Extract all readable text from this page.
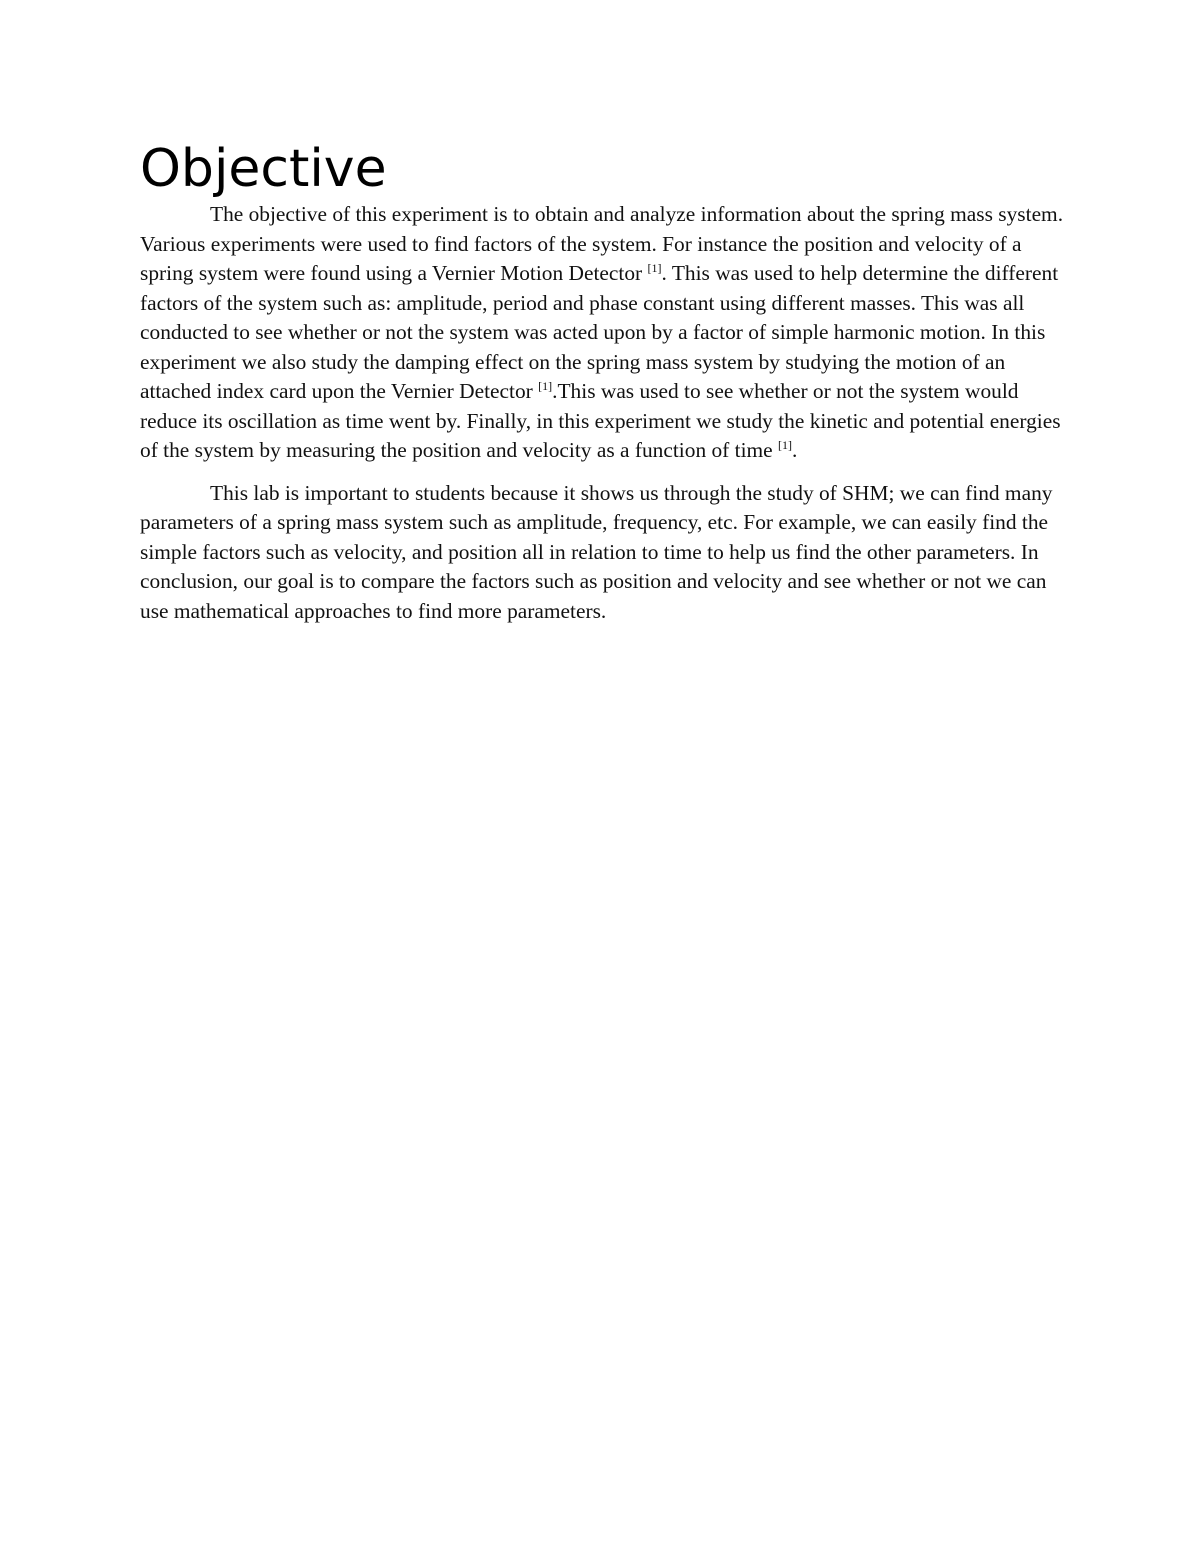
Objective

The objective of this experiment is to obtain and analyze information about the spring mass system. Various experiments were used to find factors of the system. For instance the position and velocity of a spring system were found using a Vernier Motion Detector [1]. This was used to help determine the different factors of the system such as: amplitude, period and phase constant using different masses. This was all conducted to see whether or not the system was acted upon by a factor of simple harmonic motion. In this experiment we also study the damping effect on the spring mass system by studying the motion of an attached index card upon the Vernier Detector [1].This was used to see whether or not the system would reduce its oscillation as time went by. Finally, in this experiment we study the kinetic and potential energies of the system by measuring the position and velocity as a function of time [1].

This lab is important to students because it shows us through the study of SHM; we can find many parameters of a spring mass system such as amplitude, frequency, etc. For example, we can easily find the simple factors such as velocity, and position all in relation to time to help us find the other parameters. In conclusion, our goal is to compare the factors such as position and velocity and see whether or not we can use mathematical approaches to find more parameters.
